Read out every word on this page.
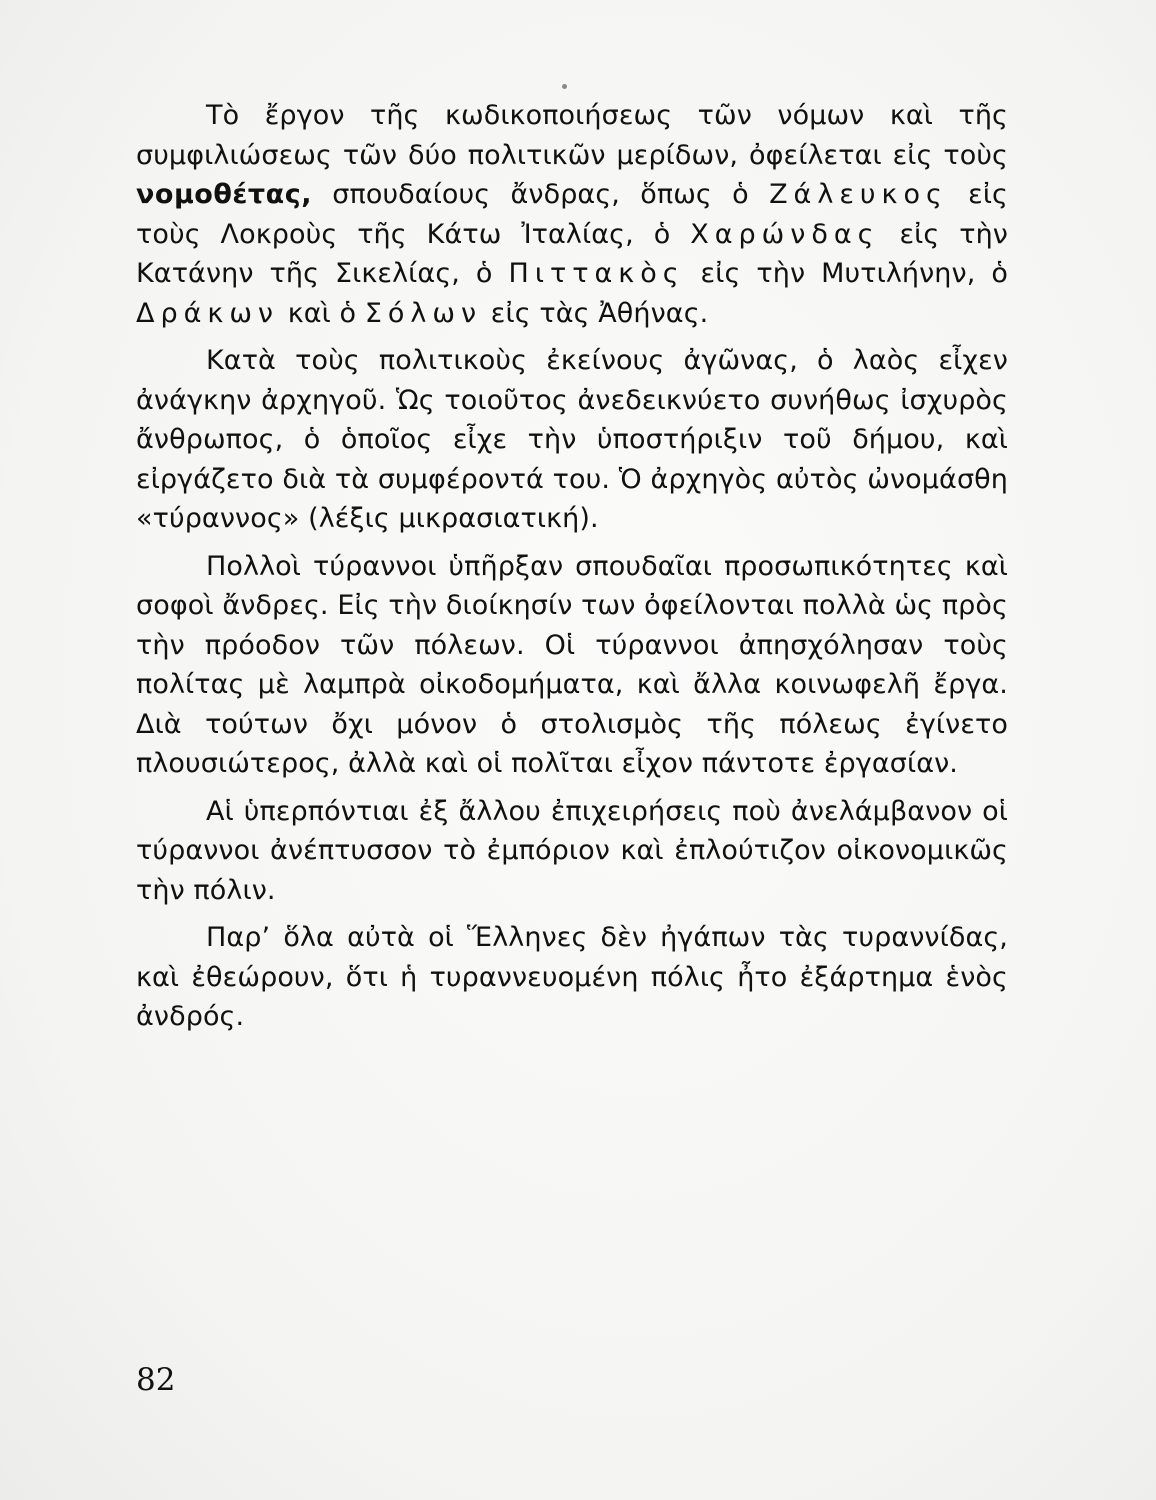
Τὸ ἔργον τῆς κωδικοποιήσεως τῶν νόμων καὶ τῆς συμφιλιώσεως τῶν δύο πολιτικῶν μερίδων, ὀφείλεται εἰς τοὺς νομοθέτας, σπουδαίους ἄνδρας, ὅπως ὁ Ζάλευκος εἰς τοὺς Λοκροὺς τῆς Κάτω Ἰταλίας, ὁ Χαρώνδας εἰς τὴν Κατάνην τῆς Σικελίας, ὁ Πιττακὸς εἰς τὴν Μυτιλήνην, ὁ Δράκων καὶ ὁ Σόλων εἰς τὰς Ἀθήνας.

Κατὰ τοὺς πολιτικοὺς ἐκείνους ἀγῶνας, ὁ λαὸς εἶχεν ἀνάγκην ἀρχηγοῦ. Ὡς τοιοῦτος ἀνεδεικνύετο συνήθως ἰσχυρὸς ἄνθρωπος, ὁ ὁποῖος εἶχε τὴν ὑποστήριξιν τοῦ δήμου, καὶ εἰργάζετο διὰ τὰ συμφέροντά του. Ὁ ἀρχηγὸς αὐτὸς ὠνομάσθη «τύραννος» (λέξις μικρασιατική).

Πολλοὶ τύραννοι ὑπῆρξαν σπουδαῖαι προσωπικότητες καὶ σοφοὶ ἄνδρες. Εἰς τὴν διοίκησίν των ὀφείλονται πολλὰ ὡς πρὸς τὴν πρόοδον τῶν πόλεων. Οἱ τύραννοι ἀπησχόλησαν τοὺς πολίτας μὲ λαμπρὰ οἰκοδομήματα, καὶ ἄλλα κοινωφελῆ ἔργα. Διὰ τούτων ὄχι μόνον ὁ στολισμὸς τῆς πόλεως ἐγίνετο πλουσιώτερος, ἀλλὰ καὶ οἱ πολῖται εἶχον πάντοτε ἐργασίαν.

Αἱ ὑπερπόντιαι ἐξ ἄλλου ἐπιχειρήσεις ποὺ ἀνελάμβανον οἱ τύραννοι ἀνέπτυσσον τὸ ἐμπόριον καὶ ἐπλούτιζον οἰκονομικῶς τὴν πόλιν.

Παρ’ ὅλα αὐτὰ οἱ Ἕλληνες δὲν ἠγάπων τὰς τυραννίδας, καὶ ἐθεώρουν, ὅτι ἡ τυραννευομένη πόλις ἦτο ἐξάρτημα ἑνὸς ἀνδρός.

82
